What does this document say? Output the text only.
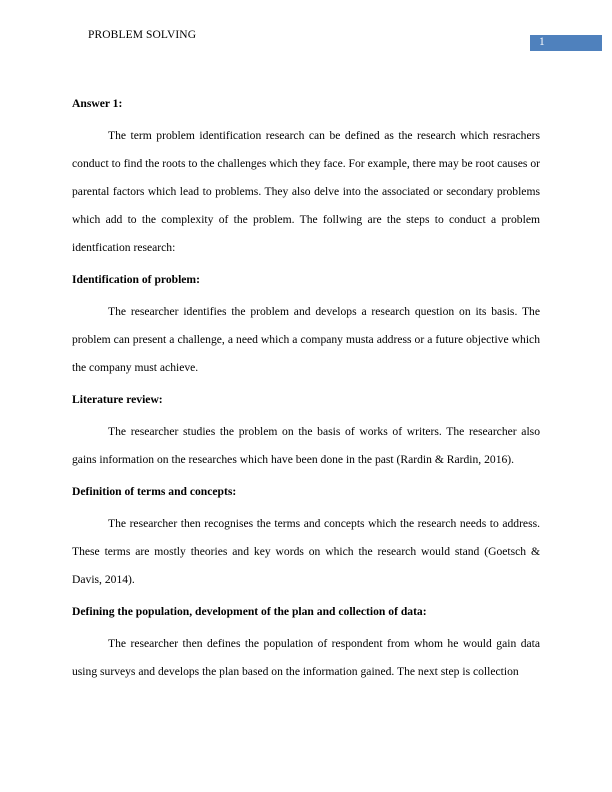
PROBLEM SOLVING
1
Answer 1:

The term problem identification research can be defined as the research which resrachers conduct to find the roots to the challenges which they face. For example, there may be root causes or parental factors which lead to problems. They also delve into the associated or secondary problems which add to the complexity of the problem. The follwing are the steps to conduct a problem identfication research:

Identification of problem:

The researcher identifies the problem and develops a research question on its basis. The problem can present a challenge, a need which a company musta address or a future objective which the company must achieve.

Literature review:

The researcher studies the problem on the basis of works of writers. The researcher also gains information on the researches which have been done in the past (Rardin & Rardin, 2016).

Definition of terms and concepts:

The researcher then recognises the terms and concepts which the research needs to address. These terms are mostly theories and key words on which the research would stand (Goetsch & Davis, 2014).

Defining the population, development of the plan and collection of data:

The researcher then defines the population of respondent from whom he would gain data using surveys and develops the plan based on the information gained. The next step is collection
